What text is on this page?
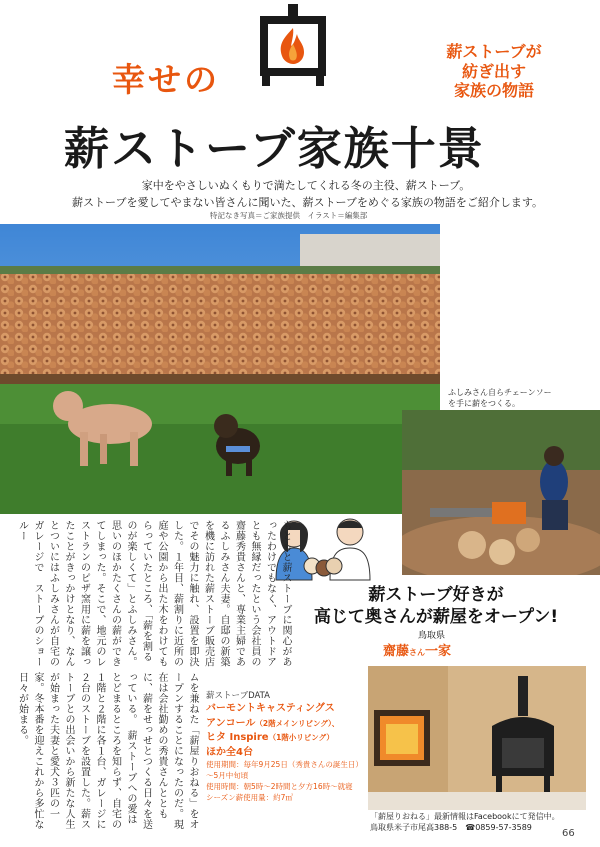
幸せの
薪ストーブ家族十景
薪ストーブが
紡ぎ出す
家族の物語
家中をやさしいぬくもりで満たしてくれる冬の主役、薪ストーブ。
薪ストーブを愛してやまない皆さんに聞いた、薪ストーブをめぐる家族の物語をご紹介します。
特記なき写真＝ご家族提供　イラスト＝編集部
ふしみさん自らチェーンソー
を手に薪をつくる。
薪ストーブ好きが
高じて奥さんが薪屋をオープン!
鳥取県
齋藤さん一家
もともと薪ストーブに関心があったわけでもなく、アウトドアとも無縁だったという会社員の齋藤秀貴さんと、専業主婦であるふしみさん夫妻。自邸の新築を機に訪れた薪ストーブ販売店でその魅力に触れ、設置を即決した。１年目、薪割りに近所の庭や公園から出た木をわけてもらっていたところ、「薪を割るのが楽しくて」とふしみさん。思いのほかたくさんの薪ができてしまった。そこで、地元のレストランのピザ窯用に薪を譲ったことがきっかけとなり、なんとついにはふしみさんが自宅のガレージで　ストーブのショールー
ムを兼ねた「薪屋りおねる」をオープンすることになったのだ。現在は会社勤めの秀貴さんとともに、薪をせっせとつくる日々を送っている。　薪ストーブへの愛はとどまるところを知らず、自宅の１階と２階に各１台、ガレージに２台のストーブを設置した。薪ストーブとの出会いから新たな人生が始まった夫妻と愛犬３匹の一家。冬本番を迎えこれから多忙な日々が始まる。	薪ストーブDATA
バーモントキャスティングス
アンコール（2階メインリビング）、
ヒタ Inspire（1階小リビング）
ほか全4台
使用期間：毎年9月25日（秀貴さんの誕生日）
〜5月中旬頃
使用時間：朝5時〜2時間と夕方16時〜就寝
シーズン薪使用量：約7㎥
「薪屋りおねる」最新情報はFacebookにて発信中。
鳥取県米子市尾高388-5　☎0859-57-3589
66
